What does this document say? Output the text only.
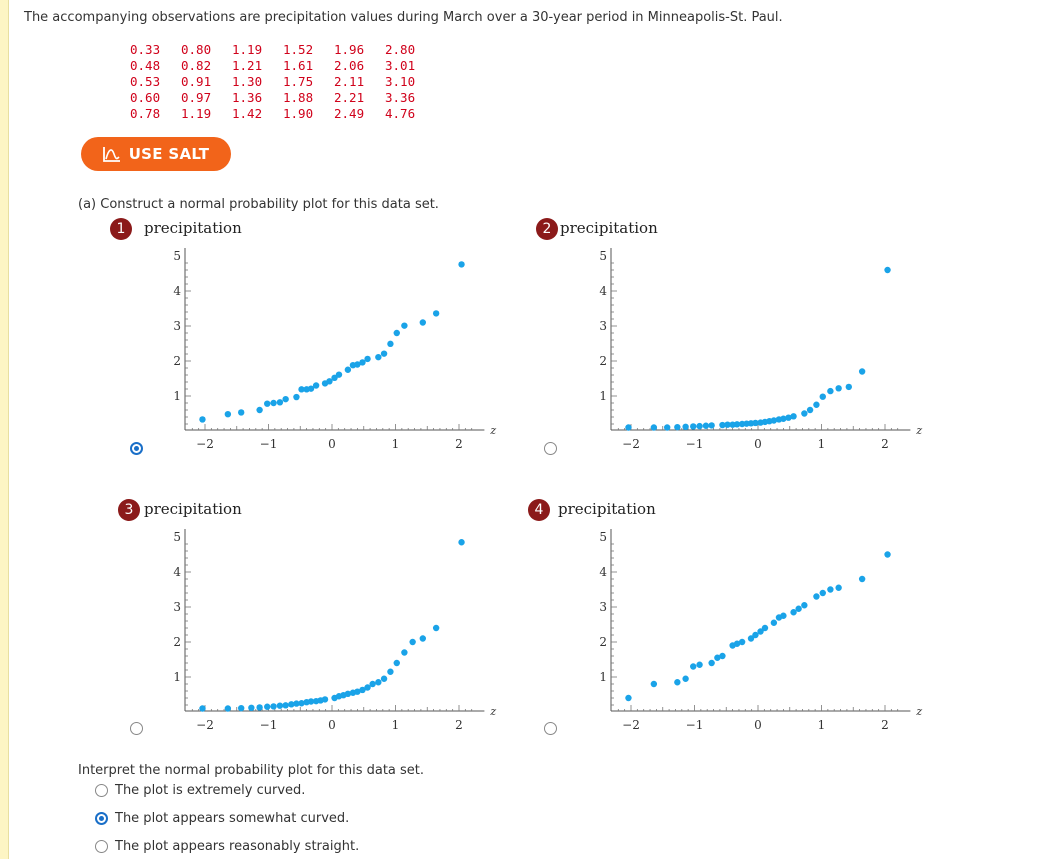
The accompanying observations are precipitation values during March over a 30-year period in Minneapolis-St. Paul.
0.33 0.80 1.19 1.52 1.96 2.80
0.48 0.82 1.21 1.61 2.06 3.01
0.53 0.91 1.30 1.75 2.11 3.10
0.60 0.97 1.36 1.88 2.21 3.36
0.78 1.19 1.42 1.90 2.49 4.76
USE SALT
(a) Construct a normal probability plot for this data set.
1	precipitation
1
2
3
4
5
−2	−1	0	1	2
z
2 precipitation
1
2
3
4
5
−2	−1	0	1	2
z
3 precipitation
1
2
3
4
5
−2	−1	0	1	2
z
4 precipitation
1
2
3
4
5
−2	−1	0	1	2
z
Interpret the normal probability plot for this data set.
The plot is extremely curved.
The plot appears somewhat curved.
The plot appears reasonably straight.
